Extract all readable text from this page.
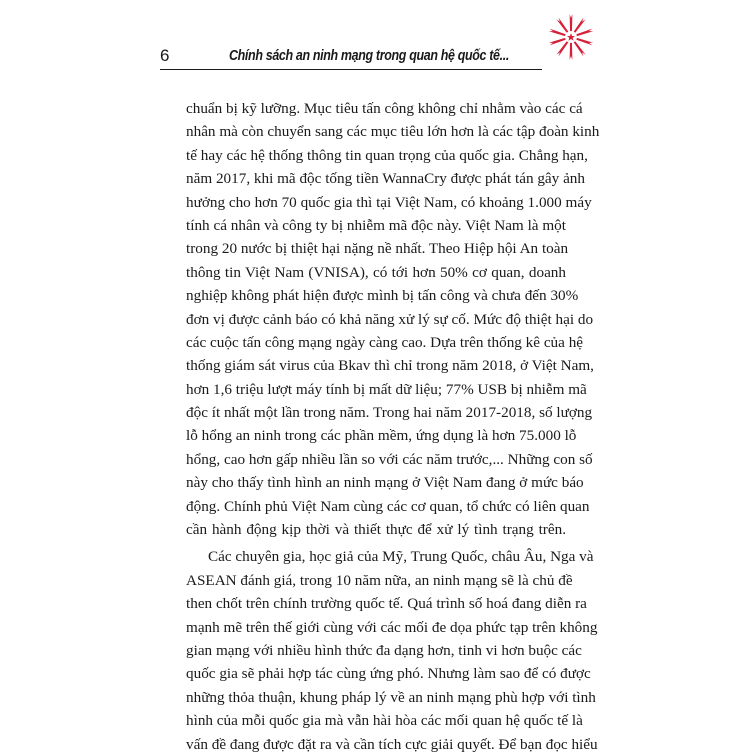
6	Chính sách an ninh mạng trong quan hệ quốc tế...
chuẩn bị kỹ lưỡng. Mục tiêu tấn công không chỉ nhằm vào các cá
nhân mà còn chuyển sang các mục tiêu lớn hơn là các tập đoàn kinh
tế hay các hệ thống thông tin quan trọng của quốc gia. Chẳng hạn,
năm 2017, khi mã độc tống tiền WannaCry được phát tán gây ảnh
hưởng cho hơn 70 quốc gia thì tại Việt Nam, có khoảng 1.000 máy
tính cá nhân và công ty bị nhiễm mã độc này. Việt Nam là một
trong 20 nước bị thiệt hại nặng nề nhất. Theo Hiệp hội An toàn
thông tin Việt Nam (VNISA), có tới hơn 50% cơ quan, doanh
nghiệp không phát hiện được mình bị tấn công và chưa đến 30%
đơn vị được cảnh báo có khả năng xử lý sự cố. Mức độ thiệt hại do
các cuộc tấn công mạng ngày càng cao. Dựa trên thống kê của hệ
thống giám sát virus của Bkav thì chỉ trong năm 2018, ở Việt Nam,
hơn 1,6 triệu lượt máy tính bị mất dữ liệu; 77% USB bị nhiễm mã
độc ít nhất một lần trong năm. Trong hai năm 2017-2018, số lượng
lỗ hổng an ninh trong các phần mềm, ứng dụng là hơn 75.000 lỗ
hổng, cao hơn gấp nhiều lần so với các năm trước,... Những con số
này cho thấy tình hình an ninh mạng ở Việt Nam đang ở mức báo
động. Chính phủ Việt Nam cùng các cơ quan, tổ chức có liên quan
cần hành động kịp thời và thiết thực để xử lý tình trạng trên.
Các chuyên gia, học giả của Mỹ, Trung Quốc, châu Âu, Nga và
ASEAN đánh giá, trong 10 năm nữa, an ninh mạng sẽ là chủ đề
then chốt trên chính trường quốc tế. Quá trình số hoá đang diễn ra
mạnh mẽ trên thế giới cùng với các mối đe dọa phức tạp trên không
gian mạng với nhiều hình thức đa dạng hơn, tinh vi hơn buộc các
quốc gia sẽ phải hợp tác cùng ứng phó. Nhưng làm sao để có được
những thỏa thuận, khung pháp lý về an ninh mạng phù hợp với tình
hình của mỗi quốc gia mà vẫn hài hòa các mối quan hệ quốc tế là
vấn đề đang được đặt ra và cần tích cực giải quyết. Để bạn đọc hiểu
